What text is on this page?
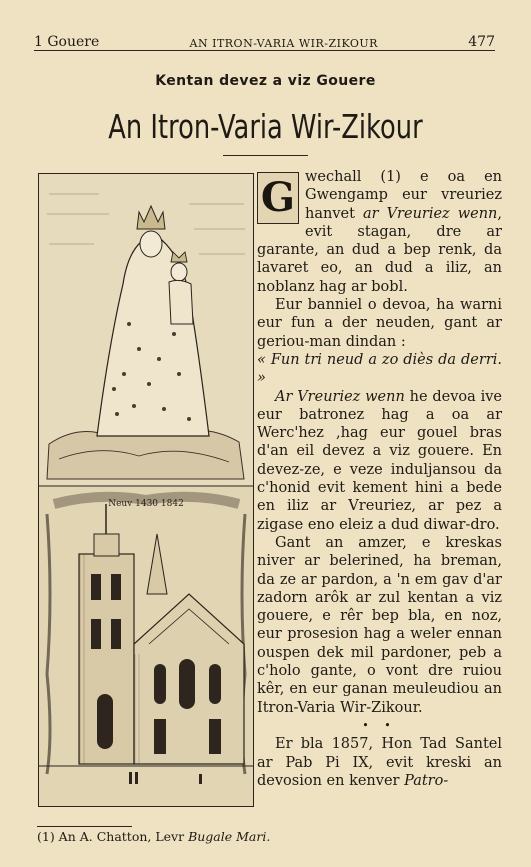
1 Gouere	AN ITRON-VARIA WIR-ZIKOUR	477
Kentan devez a viz Gouere
An Itron-Varia Wir-Zikour
Neuv 1430 1842

G wechall (1) e oa en Gwengamp eur vreuriez hanvet ar Vreuriez wenn, evit stagan, dre ar garante, an dud a bep renk, da lavaret eo, an dud a iliz, an noblanz hag ar bobl.

Eur banniel o devoa, ha warni eur fun a der neuden, gant ar geriou-man dindan :

« Fun tri neud a zo diès da derri. »

Ar Vreuriez wenn he devoa ive eur batronez hag a oa ar Werc'hez ,hag eur gouel bras d'an eil devez a viz gouere. En devez-ze, e veze induljansou da c'honid evit kement hini a bede en iliz ar Vreuriez, ar pez a zigase eno eleiz a dud diwar-dro.

Gant an amzer, e kreskas niver ar belerined, ha breman, da ze ar pardon, a 'n em gav d'ar zadorn arôk ar zul kentan a viz gouere, e rêr bep bla, en noz, eur prosesion hag a weler ennan ouspen dek mil pardoner, peb a c'holo gante, o vont dre ruiou kêr, en eur ganan meuleudiou an Itron-Varia Wir-Zikour.

• •

Er bla 1857, Hon Tad Santel ar Pab Pi IX, evit kreski an devosion en kenver Patro-

(1) An A. Chatton, Levr Bugale Mari.
